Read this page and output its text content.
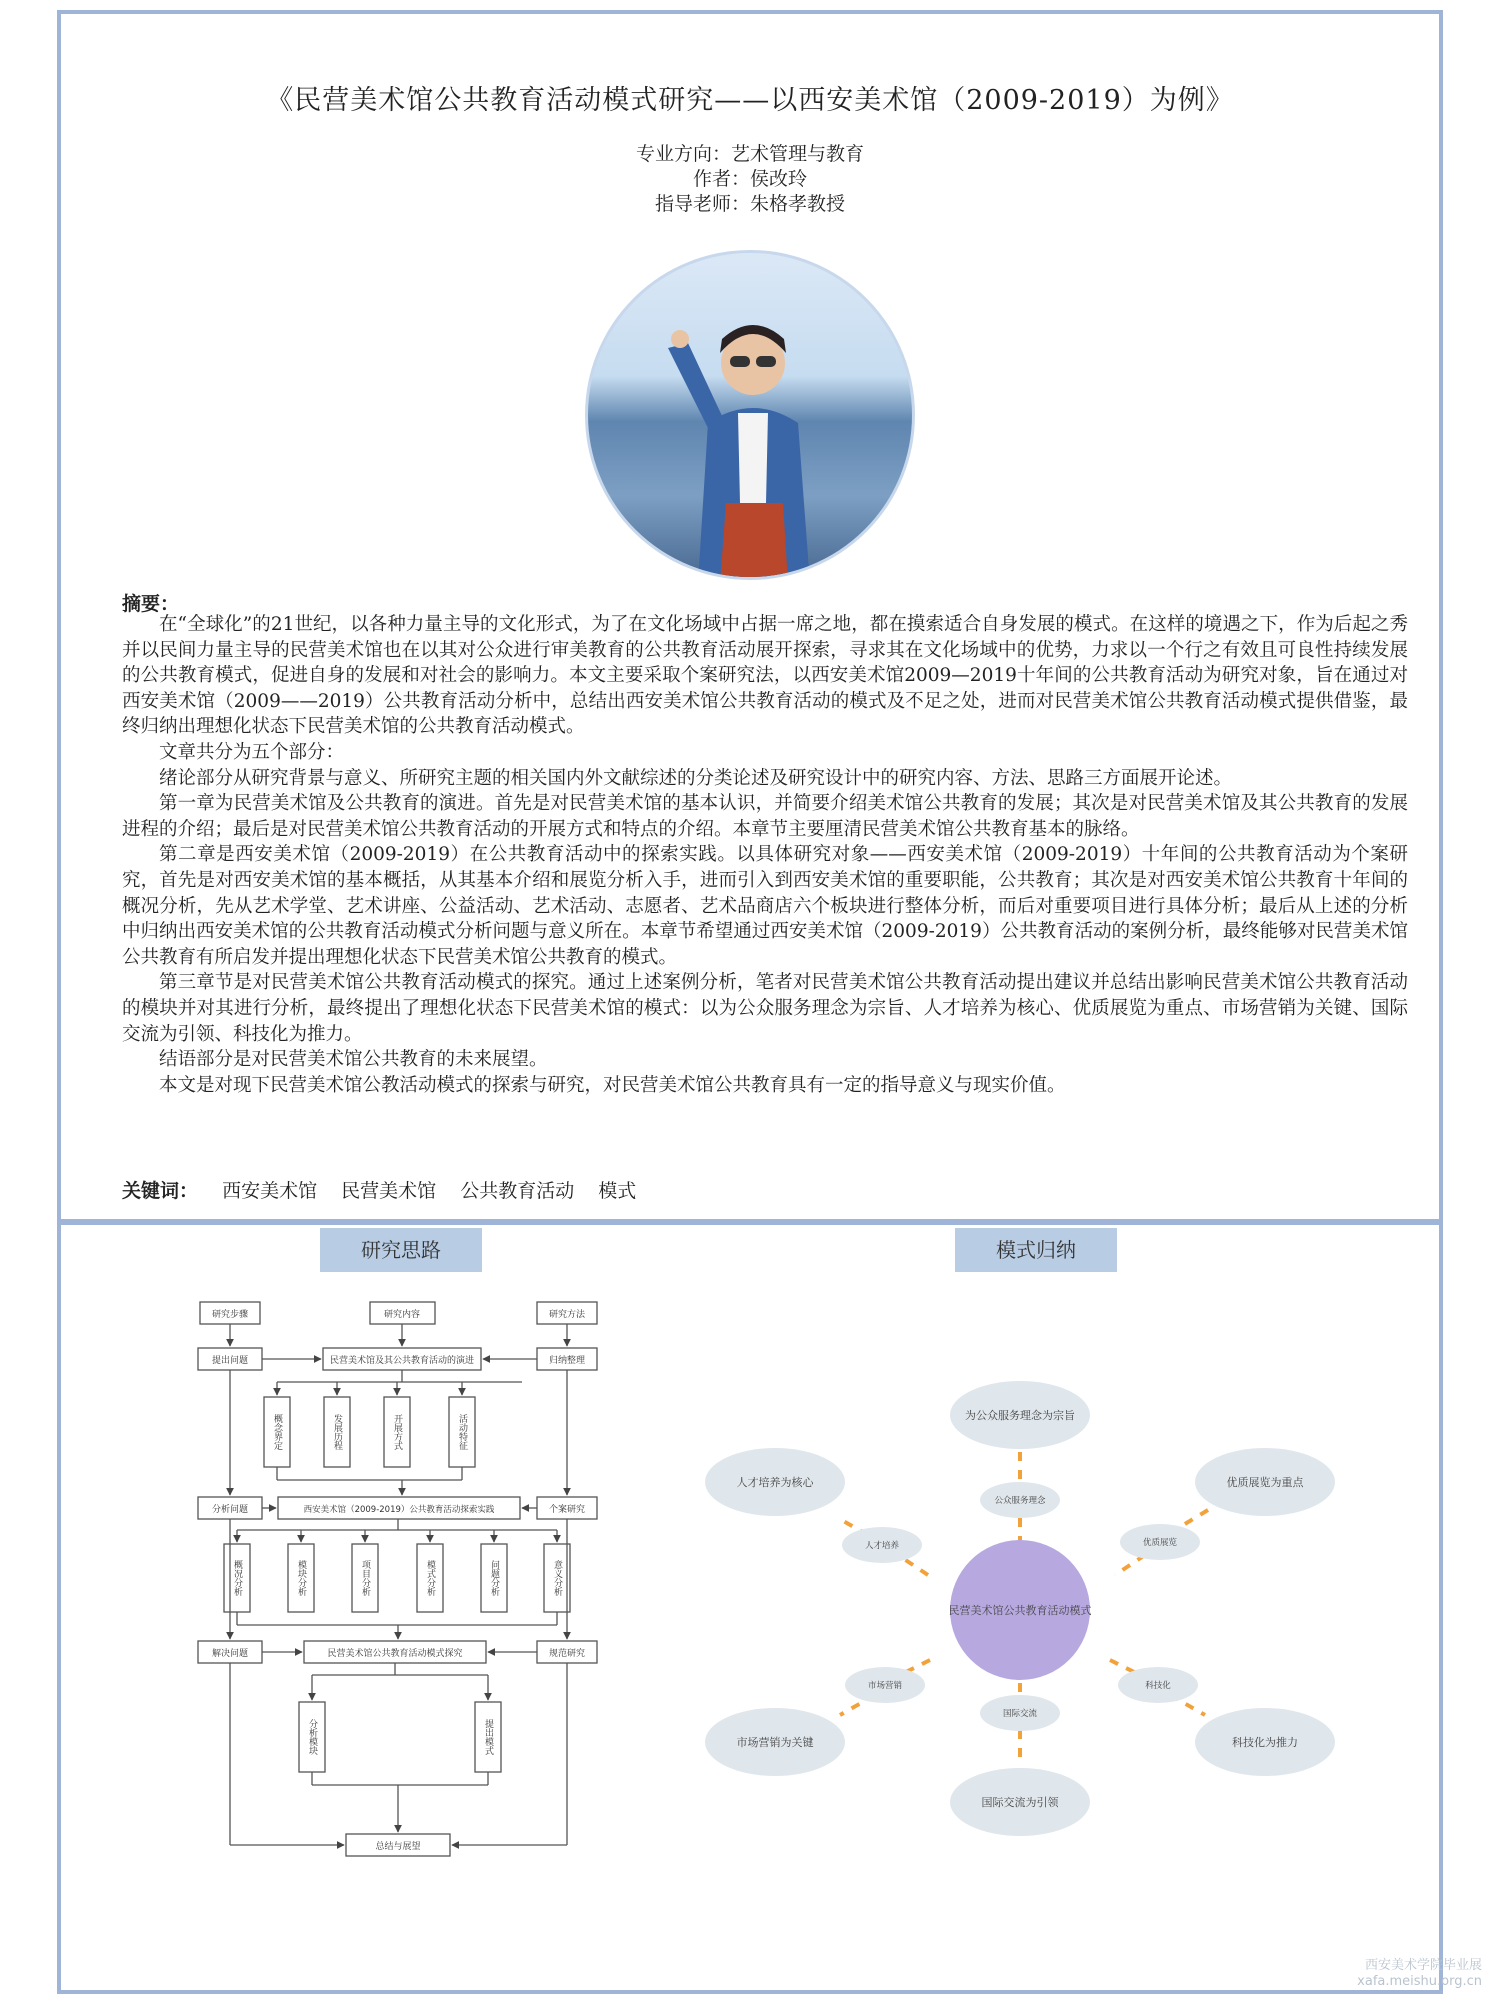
《民营美术馆公共教育活动模式研究——以西安美术馆（2009-2019）为例》
专业方向：艺术管理与教育
作者：侯改玲
指导老师：朱格孝教授
摘要：

在“全球化”的21世纪，以各种力量主导的文化形式，为了在文化场域中占据一席之地，都在摸索适合自身发展的模式。在这样的境遇之下，作为后起之秀并以民间力量主导的民营美术馆也在以其对公众进行审美教育的公共教育活动展开探索，寻求其在文化场域中的优势，力求以一个行之有效且可良性持续发展的公共教育模式，促进自身的发展和对社会的影响力。本文主要采取个案研究法，以西安美术馆2009—2019十年间的公共教育活动为研究对象，旨在通过对西安美术馆（2009——2019）公共教育活动分析中，总结出西安美术馆公共教育活动的模式及不足之处，进而对民营美术馆公共教育活动模式提供借鉴，最终归纳出理想化状态下民营美术馆的公共教育活动模式。

文章共分为五个部分：

绪论部分从研究背景与意义、所研究主题的相关国内外文献综述的分类论述及研究设计中的研究内容、方法、思路三方面展开论述。

第一章为民营美术馆及公共教育的演进。首先是对民营美术馆的基本认识，并简要介绍美术馆公共教育的发展；其次是对民营美术馆及其公共教育的发展进程的介绍；最后是对民营美术馆公共教育活动的开展方式和特点的介绍。本章节主要厘清民营美术馆公共教育基本的脉络。

第二章是西安美术馆（2009-2019）在公共教育活动中的探索实践。以具体研究对象——西安美术馆（2009-2019）十年间的公共教育活动为个案研究，首先是对西安美术馆的基本概括，从其基本介绍和展览分析入手，进而引入到西安美术馆的重要职能，公共教育；其次是对西安美术馆公共教育十年间的概况分析，先从艺术学堂、艺术讲座、公益活动、艺术活动、志愿者、艺术品商店六个板块进行整体分析，而后对重要项目进行具体分析；最后从上述的分析中归纳出西安美术馆的公共教育活动模式分析问题与意义所在。本章节希望通过西安美术馆（2009-2019）公共教育活动的案例分析，最终能够对民营美术馆公共教育有所启发并提出理想化状态下民营美术馆公共教育的模式。

第三章节是对民营美术馆公共教育活动模式的探究。通过上述案例分析，笔者对民营美术馆公共教育活动提出建议并总结出影响民营美术馆公共教育活动的模块并对其进行分析，最终提出了理想化状态下民营美术馆的模式：以为公众服务理念为宗旨、人才培养为核心、优质展览为重点、市场营销为关键、国际交流为引领、科技化为推力。

结语部分是对民营美术馆公共教育的未来展望。

本文是对现下民营美术馆公教活动模式的探索与研究，对民营美术馆公共教育具有一定的指导意义与现实价值。

关键词： 西安美术馆 民营美术馆 公共教育活动 模式
研究思路	模式归纳
研究步骤	研究内容	研究方法
提出问题
分析问题
解决问题
归纳整理
个案研究
规范研究
民营美术馆及其公共教育活动的演进
西安美术馆（2009-2019）公共教育活动探索实践
民营美术馆公共教育活动模式探究
总结与展望
概念界定	发展历程	开展方式	活动特征
概况分析	模块分析	项目分析	模式分析	问题分析	意义分析
分析模块	提出模式
民营美术馆公共教育活动模式
为公众服务理念为宗旨
优质展览为重点
科技化为推力
国际交流为引领
市场营销为关键
人才培养为核心
公众服务理念
优质展览
科技化
国际交流
市场营销
人才培养
西安美术学院毕业展
xafa.meishu.org.cn
